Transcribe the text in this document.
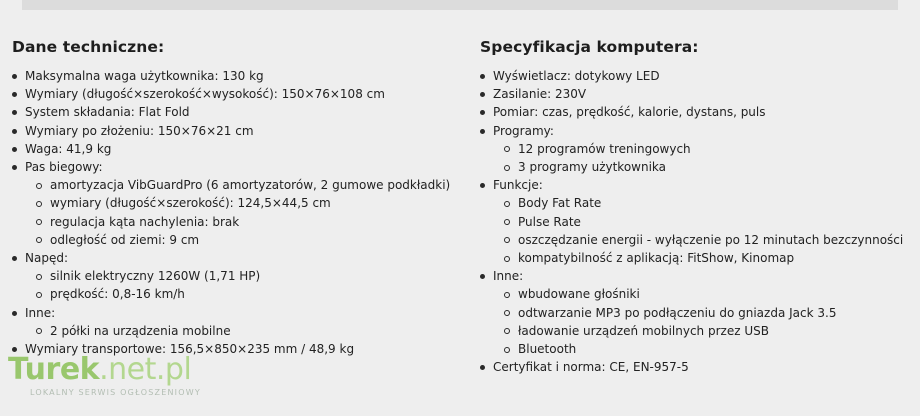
Dane techniczne:
Maksymalna waga użytkownika: 130 kg
Wymiary (długość×szerokość×wysokość): 150×76×108 cm
System składania: Flat Fold
Wymiary po złożeniu: 150×76×21 cm
Waga: 41,9 kg
Pas biegowy:
amortyzacja VibGuardPro (6 amortyzatorów, 2 gumowe podkładki)
wymiary (długość×szerokość): 124,5×44,5 cm
regulacja kąta nachylenia: brak
odległość od ziemi: 9 cm
Napęd:
silnik elektryczny 1260W (1,71 HP)
prędkość: 0,8-16 km/h
Inne:
2 półki na urządzenia mobilne
Wymiary transportowe: 156,5×850×235 mm / 48,9 kg
Specyfikacja komputera:
Wyświetlacz: dotykowy LED
Zasilanie: 230V
Pomiar: czas, prędkość, kalorie, dystans, puls
Programy:
12 programów treningowych
3 programy użytkownika
Funkcje:
Body Fat Rate
Pulse Rate
oszczędzanie energii - wyłączenie po 12 minutach bezczynności
kompatybilność z aplikacją: FitShow, Kinomap
Inne:
wbudowane głośniki
odtwarzanie MP3 po podłączeniu do gniazda Jack 3.5
ładowanie urządzeń mobilnych przez USB
Bluetooth
Certyfikat i norma: CE, EN-957-5
Turek.net.pl
LOKALNY SERWIS OGŁOSZENIOWY
